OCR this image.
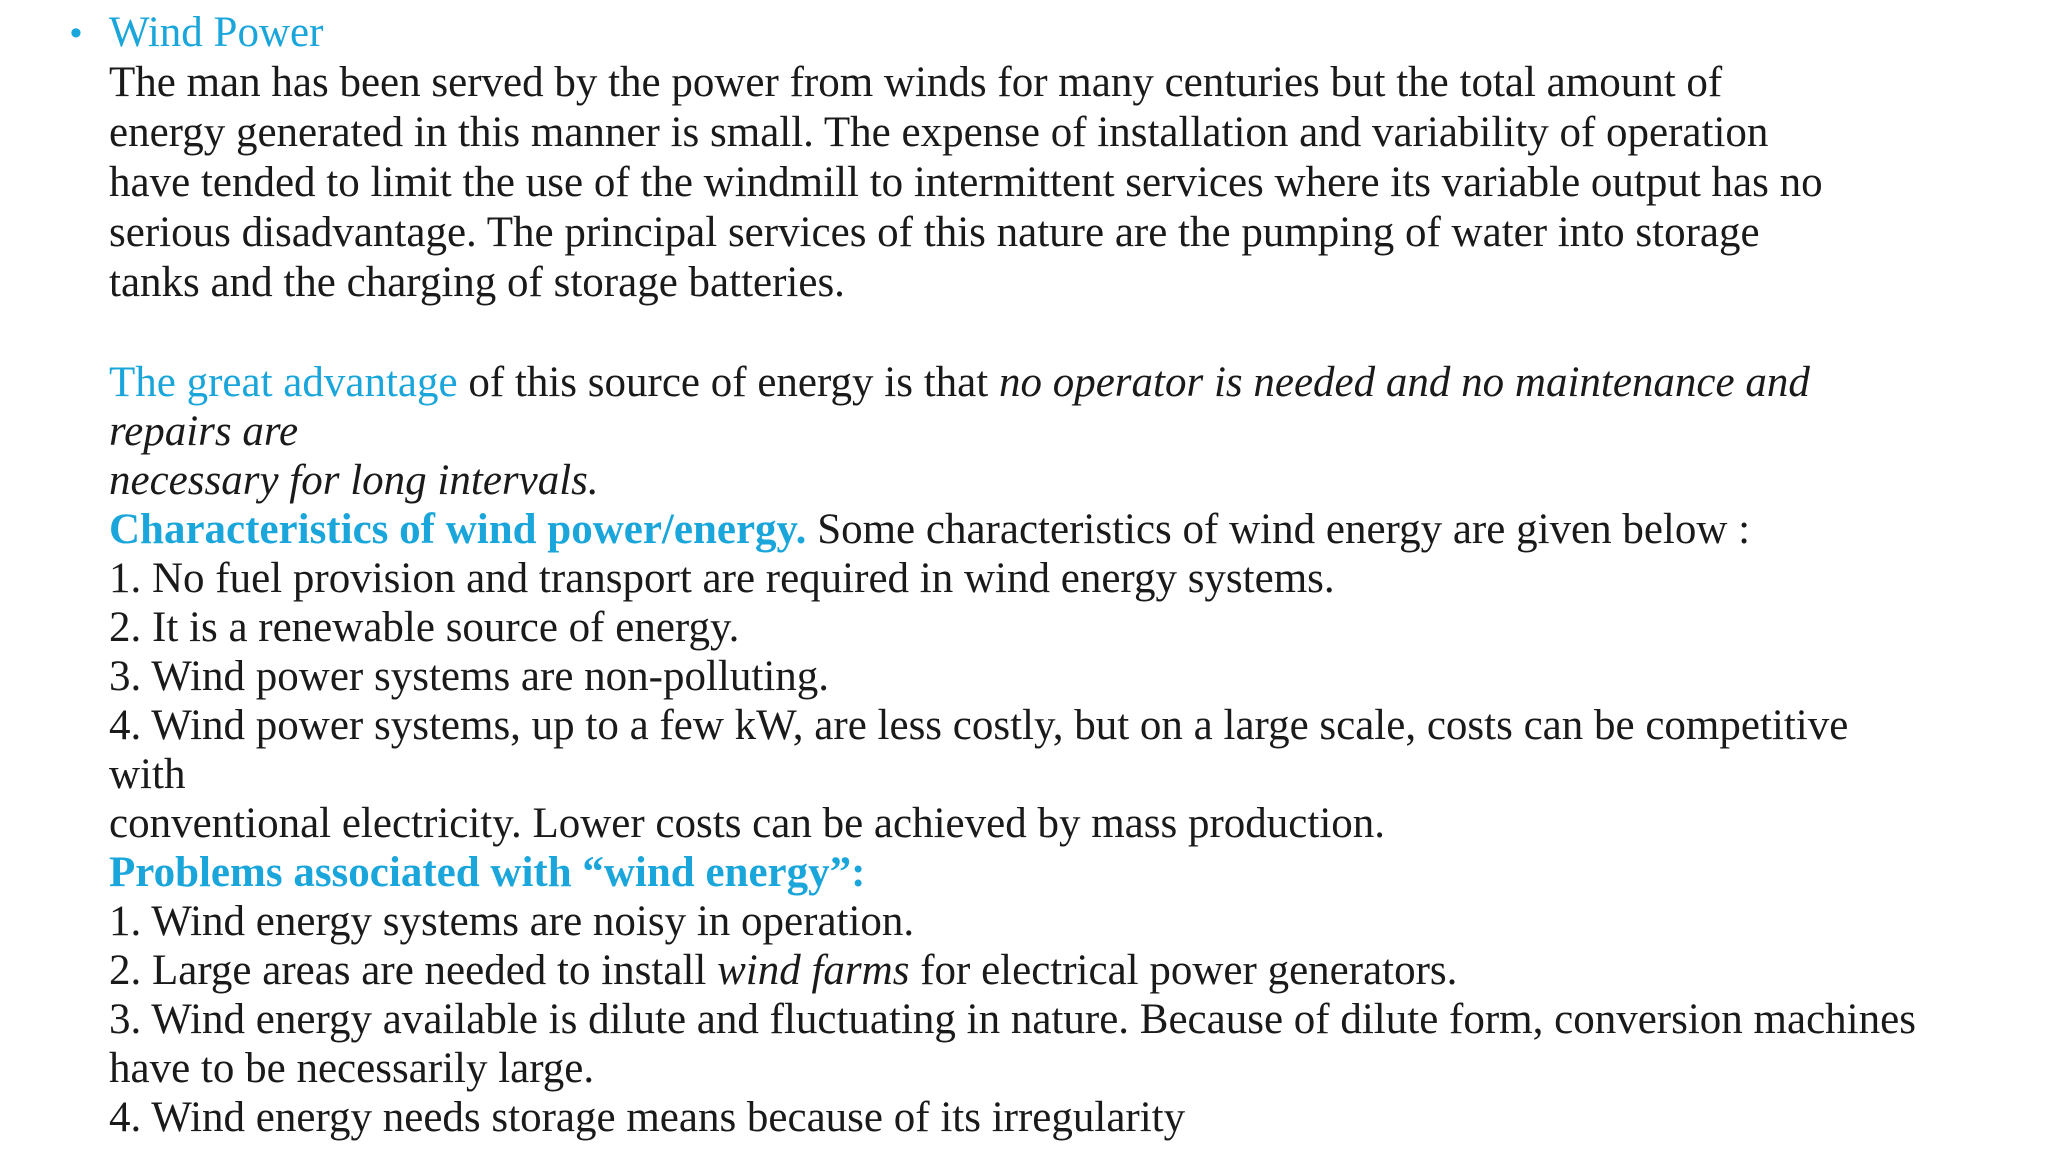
• Wind Power
The man has been served by the power from winds for many centuries but the total amount of
energy generated in this manner is small. The expense of installation and variability of operation
have tended to limit the use of the windmill to intermittent services where its variable output has no
serious disadvantage. The principal services of this nature are the pumping of water into storage
tanks and the charging of storage batteries.
The great advantage of this source of energy is that no operator is needed and no maintenance and
repairs are
necessary for long intervals.
Characteristics of wind power/energy. Some characteristics of wind energy are given below :
1. No fuel provision and transport are required in wind energy systems.
2. It is a renewable source of energy.
3. Wind power systems are non-polluting.
4. Wind power systems, up to a few kW, are less costly, but on a large scale, costs can be competitive
with
conventional electricity. Lower costs can be achieved by mass production.
Problems associated with “wind energy”:
1. Wind energy systems are noisy in operation.
2. Large areas are needed to install wind farms for electrical power generators.
3. Wind energy available is dilute and fluctuating in nature. Because of dilute form, conversion machines
have to be necessarily large.
4. Wind energy needs storage means because of its irregularity
